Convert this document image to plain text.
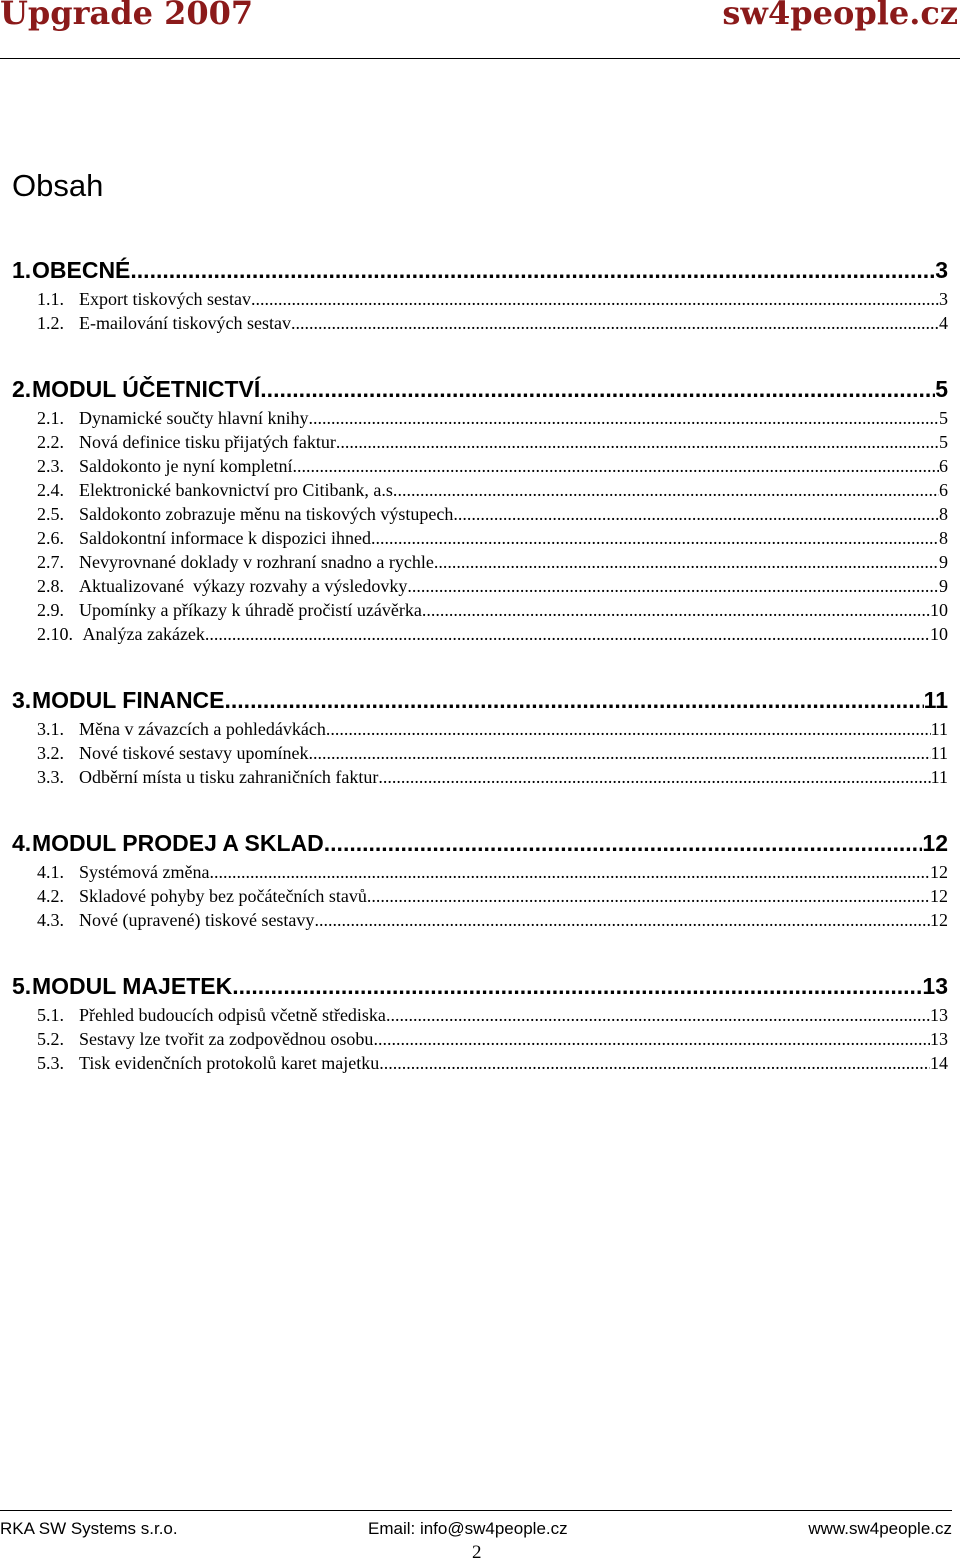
Upgrade 2007	sw4people.cz
Obsah
1. OBECNÉ .....	3
1.1. Export tiskových sestav .....	3
1.2. E-mailování tiskových sestav .....	4
2. MODUL ÚČETNICTVÍ .....	5
2.1. Dynamické součty hlavní knihy .....	5
2.2. Nová definice tisku přijatých faktur .....	5
2.3. Saldokonto je nyní kompletní .....	6
2.4. Elektronické bankovnictví pro Citibank, a.s. .....	6
2.5. Saldokonto zobrazuje měnu na tiskových výstupech .....	8
2.6. Saldokontní informace k dispozici ihned .....	8
2.7. Nevyrovnané doklady v rozhraní snadno a rychle .....	9
2.8. Aktualizované  výkazy rozvahy a výsledovky .....	9
2.9. Upomínky a příkazy k úhradě pročistí uzávěrka .....	10
2.10. Analýza zakázek .....	10
3. MODUL FINANCE .....	11
3.1. Měna v závazcích a pohledávkách .....	11
3.2. Nové tiskové sestavy upomínek .....	11
3.3. Odběrní místa u tisku zahraničních faktur .....	11
4. MODUL PRODEJ A SKLAD .....	12
4.1. Systémová změna .....	12
4.2. Skladové pohyby bez počátečních stavů .....	12
4.3. Nové (upravené) tiskové sestavy .....	12
5. MODUL MAJETEK .....	13
5.1. Přehled budoucích odpisů včetně střediska .....	13
5.2. Sestavy lze tvořit za zodpovědnou osobu .....	13
5.3. Tisk evidenčních protokolů karet majetku .....	14
RKA SW Systems s.r.o.	Email: info@sw4people.cz	www.sw4people.cz
2
